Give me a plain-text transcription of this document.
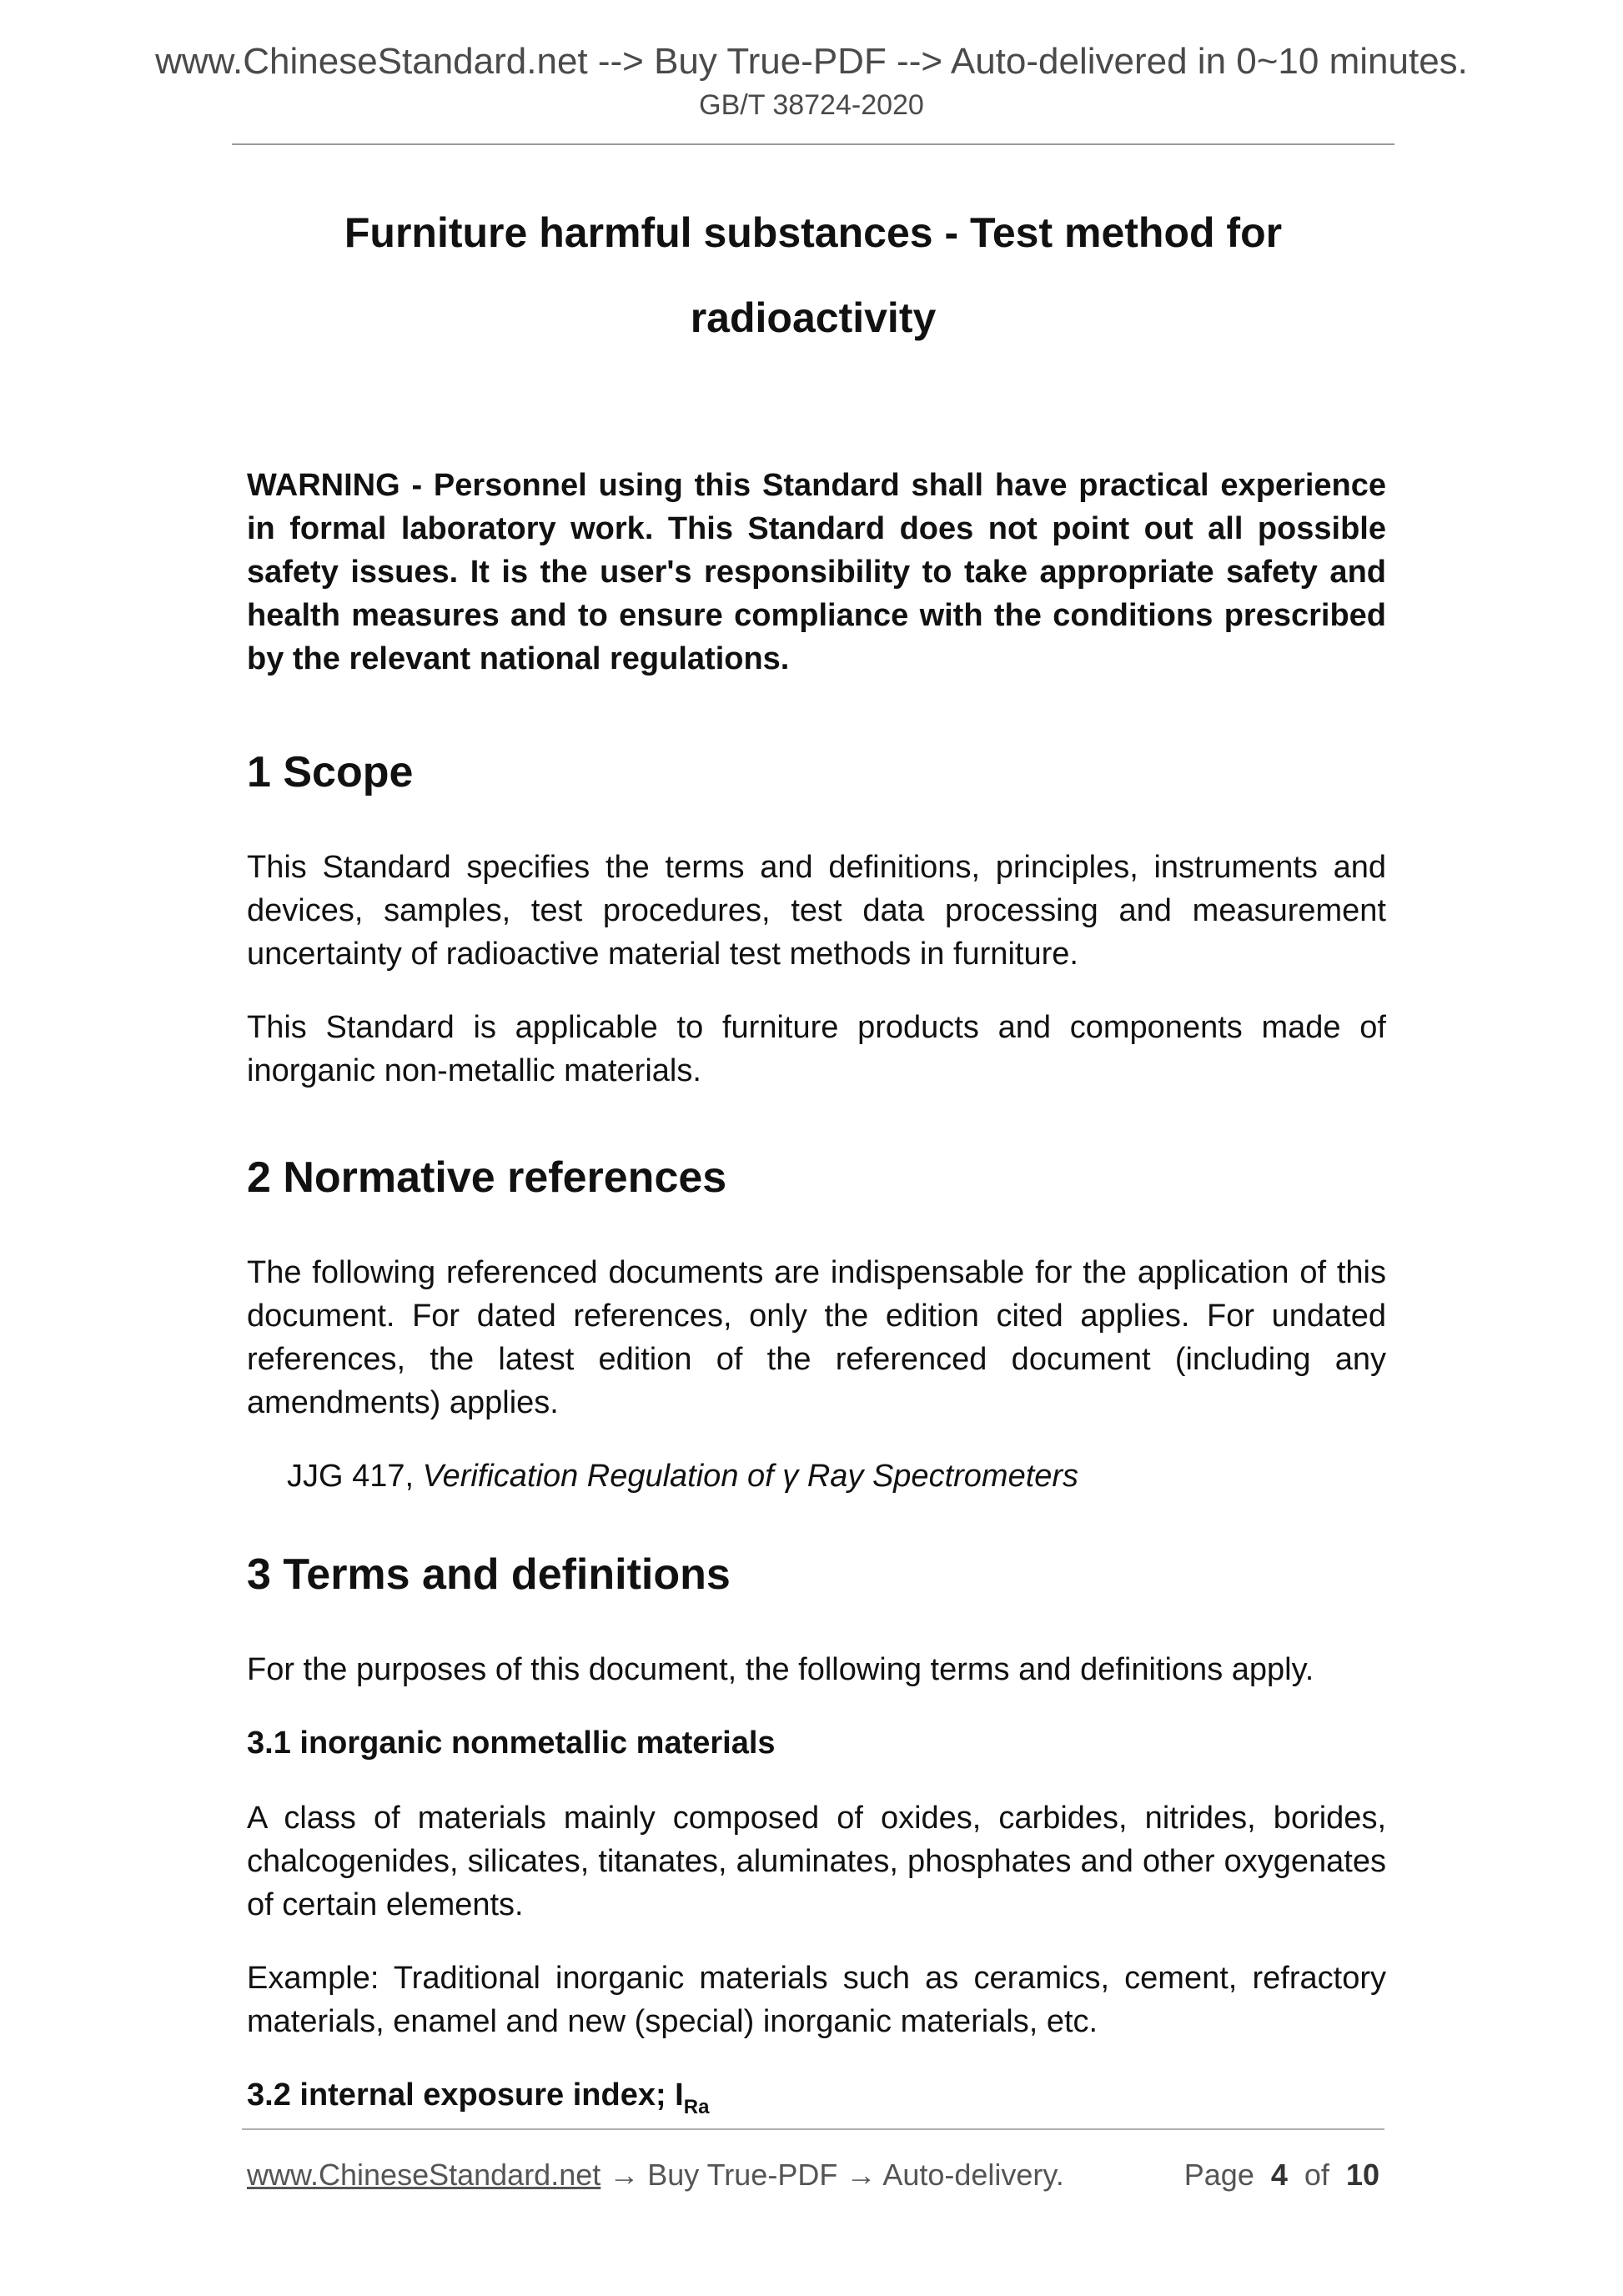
www.ChineseStandard.net --> Buy True-PDF --> Auto-delivered in 0~10 minutes.
GB/T 38724-2020
Furniture harmful substances - Test method for
radioactivity

WARNING - Personnel using this Standard shall have practical experience in formal laboratory work. This Standard does not point out all possible safety issues. It is the user's responsibility to take appropriate safety and health measures and to ensure compliance with the conditions prescribed by the relevant national regulations.

1 Scope

This Standard specifies the terms and definitions, principles, instruments and devices, samples, test procedures, test data processing and measurement uncertainty of radioactive material test methods in furniture.

This Standard is applicable to furniture products and components made of inorganic non-metallic materials.

2 Normative references

The following referenced documents are indispensable for the application of this document. For dated references, only the edition cited applies. For undated references, the latest edition of the referenced document (including any amendments) applies.

JJG 417, Verification Regulation of γ Ray Spectrometers
3 Terms and definitions

For the purposes of this document, the following terms and definitions apply.

3.1 inorganic nonmetallic materials

A class of materials mainly composed of oxides, carbides, nitrides, borides, chalcogenides, silicates, titanates, aluminates, phosphates and other oxygenates of certain elements.

Example: Traditional inorganic materials such as ceramics, cement, refractory materials, enamel and new (special) inorganic materials, etc.

3.2 internal exposure index; $I_{Ra}$
www.ChineseStandard.net → Buy True-PDF → Auto-delivery.	Page 4 of 10
